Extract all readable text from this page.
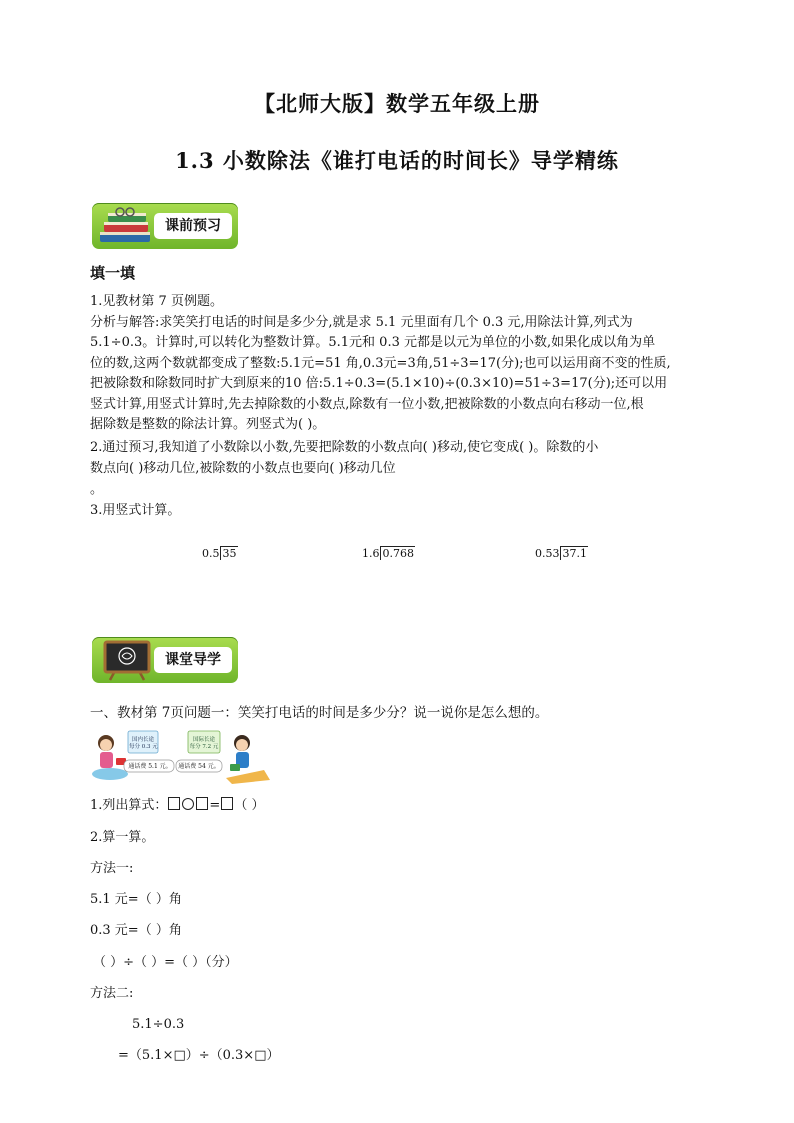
【北师大版】数学五年级上册
1.3 小数除法《谁打电话的时间长》导学精练
课前预习
填一填
1.见教材第 7 页例题。
分析与解答:求笑笑打电话的时间是多少分,就是求 5.1 元里面有几个 0.3 元,用除法计算,列式为
5.1÷0.3。计算时,可以转化为整数计算。5.1元和 0.3 元都是以元为单位的小数,如果化成以角为单
位的数,这两个数就都变成了整数:5.1元=51 角,0.3元=3角,51÷3=17(分);也可以运用商不变的性质,
把被除数和除数同时扩大到原来的10 倍:5.1÷0.3=(5.1×10)÷(0.3×10)=51÷3=17(分);还可以用
竖式计算,用竖式计算时,先去掉除数的小数点,除数有一位小数,把被除数的小数点向右移动一位,根
据除数是整数的除法计算。列竖式为( )。
2.通过预习,我知道了小数除以小数,先要把除数的小数点向( )移动,使它变成( )。除数的小
数点向( )移动几位,被除数的小数点也要向( )移动几位
。
3.用竖式计算。
0.5 35	1.6 0.768	0.53 37.1
课堂导学
一、教材第 7页问题一：笑笑打电话的时间是多少分？说一说你是怎么想的。
国内长途
每分 0.3 元
国际长途
每分 7.2 元
通话费 5.1 元。	通话费 54 元。
1.列出算式：	= （ ）
2.算一算。
方法一:
5.1 元=（ ）角
0.3 元=（ ）角
（ ）÷（ ）=（ ）（分）
方法二:
5.1÷0.3
=（5.1×□）÷（0.3×□）
